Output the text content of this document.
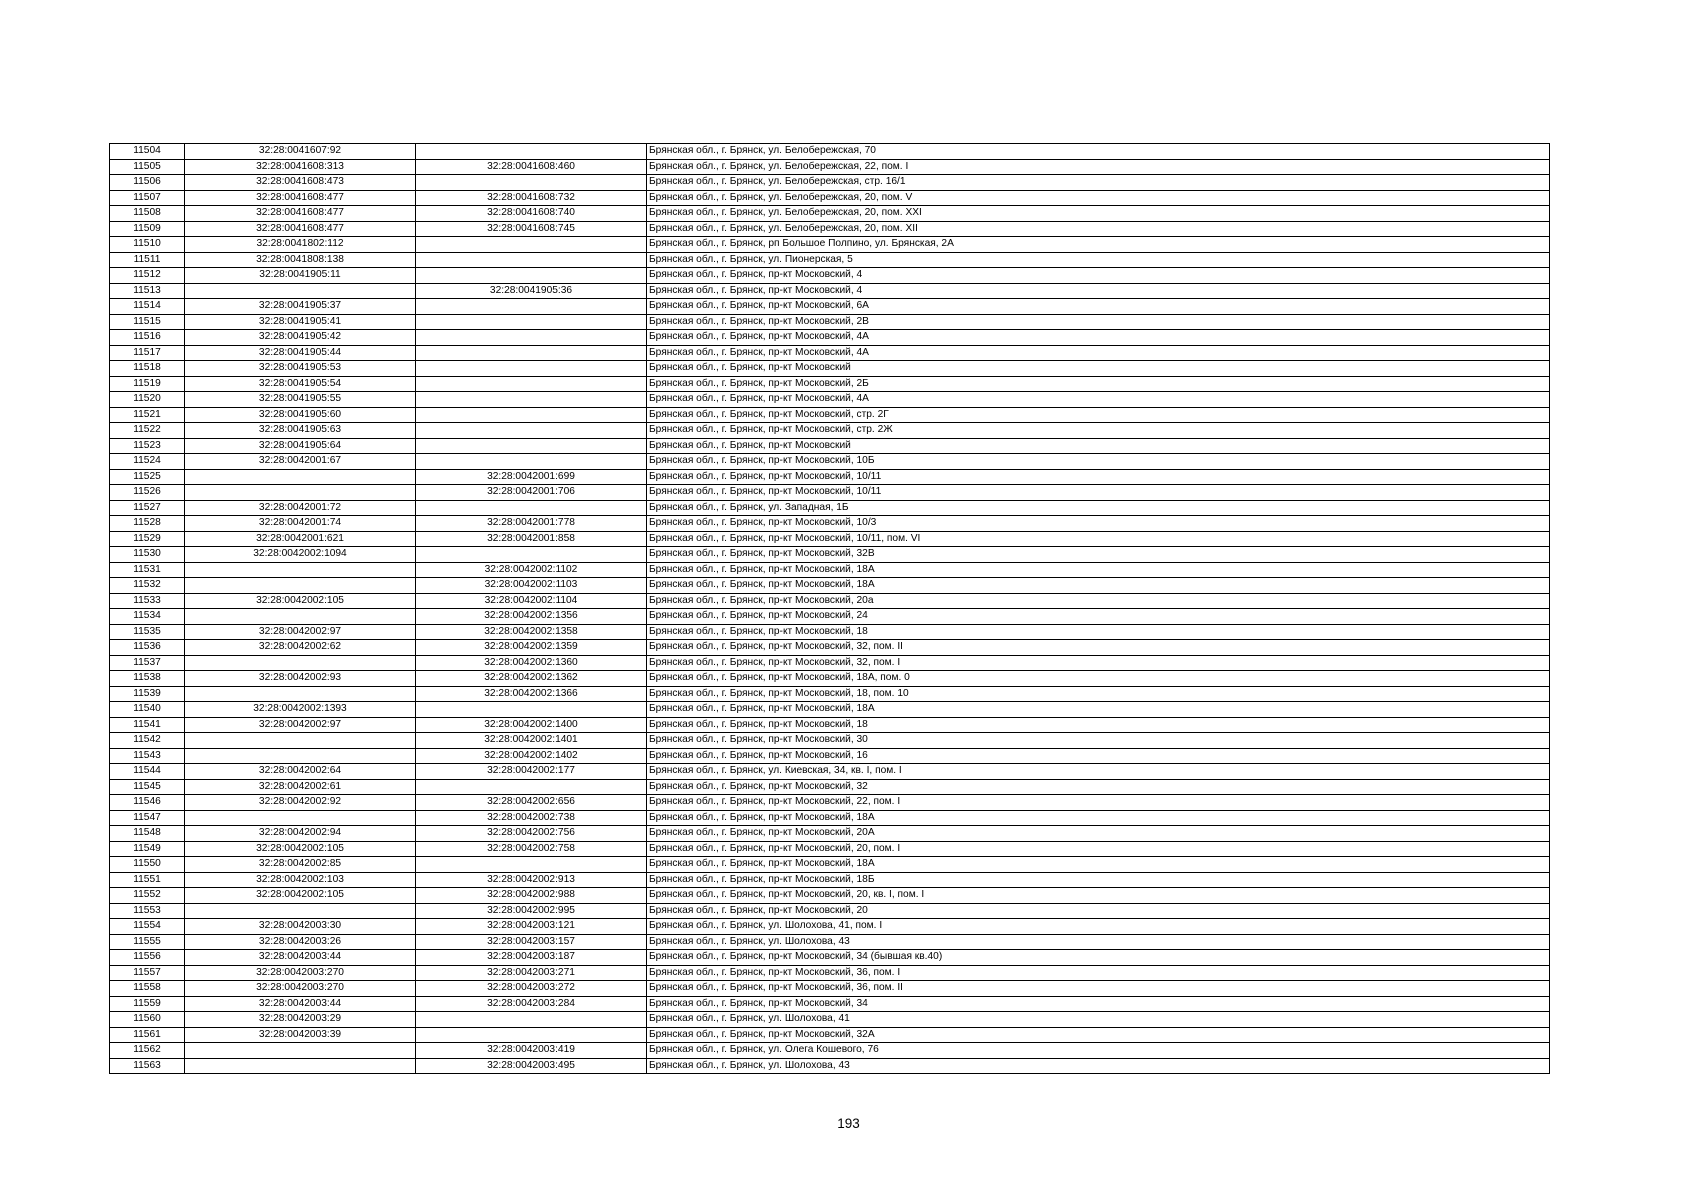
11504	32:28:0041607:92		Брянская обл., г. Брянск, ул. Белобережская, 70
11505	32:28:0041608:313	32:28:0041608:460	Брянская обл., г. Брянск, ул. Белобережская, 22, пом. I
11506	32:28:0041608:473		Брянская обл., г. Брянск, ул. Белобережская, стр. 16/1
11507	32:28:0041608:477	32:28:0041608:732	Брянская обл., г. Брянск, ул. Белобережская, 20, пом. V
11508	32:28:0041608:477	32:28:0041608:740	Брянская обл., г. Брянск, ул. Белобережская, 20, пом. XXI
11509	32:28:0041608:477	32:28:0041608:745	Брянская обл., г. Брянск, ул. Белобережская, 20, пом. XII
11510	32:28:0041802:112		Брянская обл., г. Брянск, рп Большое Полпино, ул. Брянская, 2А
11511	32:28:0041808:138		Брянская обл., г. Брянск, ул. Пионерская, 5
11512	32:28:0041905:11		Брянская обл., г. Брянск, пр-кт Московский, 4
11513		32:28:0041905:36	Брянская обл., г. Брянск, пр-кт Московский, 4
11514	32:28:0041905:37		Брянская обл., г. Брянск, пр-кт Московский, 6А
11515	32:28:0041905:41		Брянская обл., г. Брянск, пр-кт Московский, 2В
11516	32:28:0041905:42		Брянская обл., г. Брянск, пр-кт Московский, 4А
11517	32:28:0041905:44		Брянская обл., г. Брянск, пр-кт Московский, 4А
11518	32:28:0041905:53		Брянская обл., г. Брянск, пр-кт Московский
11519	32:28:0041905:54		Брянская обл., г. Брянск, пр-кт Московский, 2Б
11520	32:28:0041905:55		Брянская обл., г. Брянск, пр-кт Московский, 4А
11521	32:28:0041905:60		Брянская обл., г. Брянск, пр-кт Московский, стр. 2Г
11522	32:28:0041905:63		Брянская обл., г. Брянск, пр-кт Московский, стр. 2Ж
11523	32:28:0041905:64		Брянская обл., г. Брянск, пр-кт Московский
11524	32:28:0042001:67		Брянская обл., г. Брянск, пр-кт Московский, 10Б
11525		32:28:0042001:699	Брянская обл., г. Брянск, пр-кт Московский, 10/11
11526		32:28:0042001:706	Брянская обл., г. Брянск, пр-кт Московский, 10/11
11527	32:28:0042001:72		Брянская обл., г. Брянск, ул. Западная, 1Б
11528	32:28:0042001:74	32:28:0042001:778	Брянская обл., г. Брянск, пр-кт Московский, 10/3
11529	32:28:0042001:621	32:28:0042001:858	Брянская обл., г. Брянск, пр-кт Московский, 10/11, пом. VI
11530	32:28:0042002:1094		Брянская обл., г. Брянск, пр-кт Московский, 32В
11531		32:28:0042002:1102	Брянская обл., г. Брянск, пр-кт Московский, 18А
11532		32:28:0042002:1103	Брянская обл., г. Брянск, пр-кт Московский, 18А
11533	32:28:0042002:105	32:28:0042002:1104	Брянская обл., г. Брянск, пр-кт Московский, 20а
11534		32:28:0042002:1356	Брянская обл., г. Брянск, пр-кт Московский, 24
11535	32:28:0042002:97	32:28:0042002:1358	Брянская обл., г. Брянск, пр-кт Московский, 18
11536	32:28:0042002:62	32:28:0042002:1359	Брянская обл., г. Брянск, пр-кт Московский, 32, пом. II
11537		32:28:0042002:1360	Брянская обл., г. Брянск, пр-кт Московский, 32, пом. I
11538	32:28:0042002:93	32:28:0042002:1362	Брянская обл., г. Брянск, пр-кт Московский, 18А, пом. 0
11539		32:28:0042002:1366	Брянская обл., г. Брянск, пр-кт Московский, 18, пом. 10
11540	32:28:0042002:1393		Брянская обл., г. Брянск, пр-кт Московский, 18А
11541	32:28:0042002:97	32:28:0042002:1400	Брянская обл., г. Брянск, пр-кт Московский, 18
11542		32:28:0042002:1401	Брянская обл., г. Брянск, пр-кт Московский, 30
11543		32:28:0042002:1402	Брянская обл., г. Брянск, пр-кт Московский, 16
11544	32:28:0042002:64	32:28:0042002:177	Брянская обл., г. Брянск, ул. Киевская, 34, кв. I, пом. I
11545	32:28:0042002:61		Брянская обл., г. Брянск, пр-кт Московский, 32
11546	32:28:0042002:92	32:28:0042002:656	Брянская обл., г. Брянск, пр-кт Московский, 22, пом. I
11547		32:28:0042002:738	Брянская обл., г. Брянск, пр-кт Московский, 18А
11548	32:28:0042002:94	32:28:0042002:756	Брянская обл., г. Брянск, пр-кт Московский, 20А
11549	32:28:0042002:105	32:28:0042002:758	Брянская обл., г. Брянск, пр-кт Московский, 20, пом. I
11550	32:28:0042002:85		Брянская обл., г. Брянск, пр-кт Московский, 18А
11551	32:28:0042002:103	32:28:0042002:913	Брянская обл., г. Брянск, пр-кт Московский, 18Б
11552	32:28:0042002:105	32:28:0042002:988	Брянская обл., г. Брянск, пр-кт Московский, 20, кв. I, пом. I
11553		32:28:0042002:995	Брянская обл., г. Брянск, пр-кт Московский, 20
11554	32:28:0042003:30	32:28:0042003:121	Брянская обл., г. Брянск, ул. Шолохова, 41, пом. I
11555	32:28:0042003:26	32:28:0042003:157	Брянская обл., г. Брянск, ул. Шолохова, 43
11556	32:28:0042003:44	32:28:0042003:187	Брянская обл., г. Брянск, пр-кт Московский, 34 (бывшая кв.40)
11557	32:28:0042003:270	32:28:0042003:271	Брянская обл., г. Брянск, пр-кт Московский, 36, пом. I
11558	32:28:0042003:270	32:28:0042003:272	Брянская обл., г. Брянск, пр-кт Московский, 36, пом. II
11559	32:28:0042003:44	32:28:0042003:284	Брянская обл., г. Брянск, пр-кт Московский, 34
11560	32:28:0042003:29		Брянская обл., г. Брянск, ул. Шолохова, 41
11561	32:28:0042003:39		Брянская обл., г. Брянск, пр-кт Московский, 32А
11562		32:28:0042003:419	Брянская обл., г. Брянск, ул. Олега Кошевого, 76
11563		32:28:0042003:495	Брянская обл., г. Брянск, ул. Шолохова, 43
193
